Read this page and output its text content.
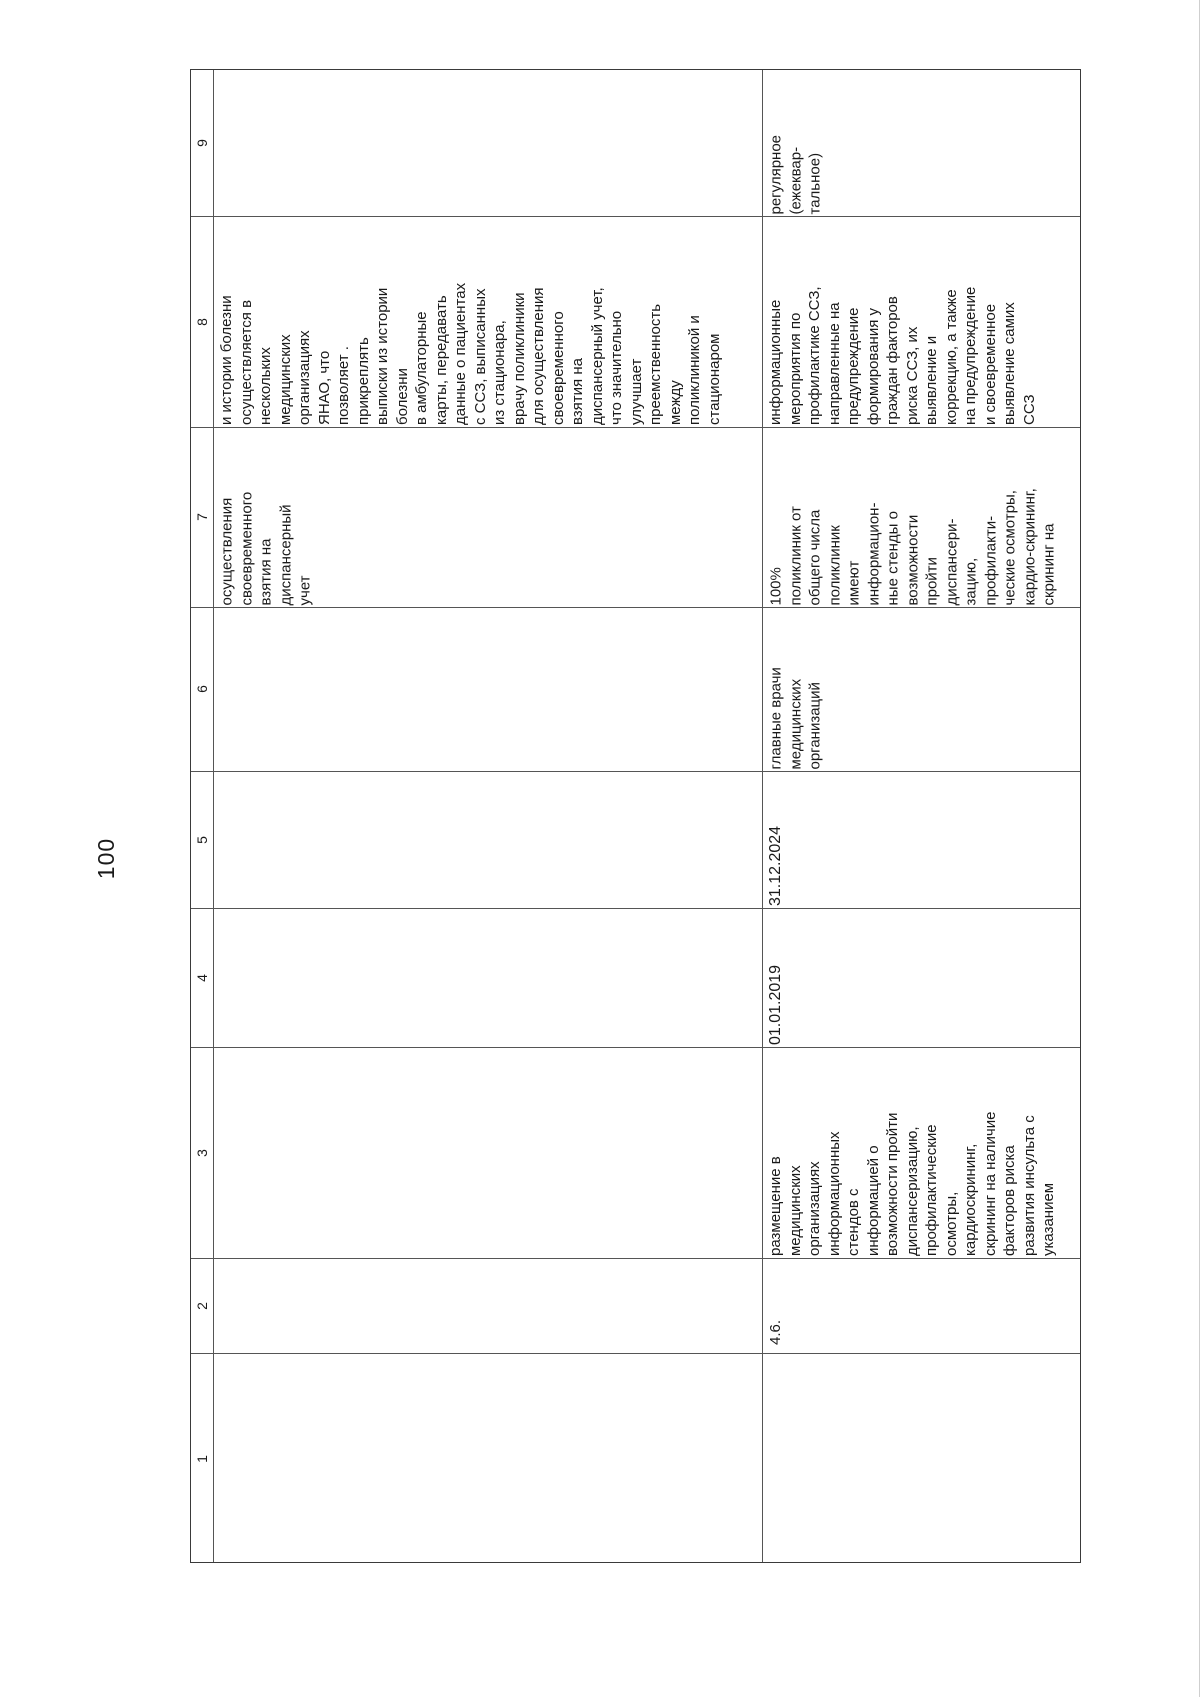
100
9
8
7
6
5
4
3
2
1
и истории болезни
осуществляется в
нескольких
медицинских
организациях
ЯНАО, что
позволяет .
прикреплять
выписки из истории
болезни
в амбулаторные
карты, передавать
данные о пациентах
с ССЗ, выписанных
из стационара,
врачу поликлиники
для осуществления
своевременного
взятия на
диспансерный учет,
что значительно
улучшает
преемственность
между
поликлиникой и
стационаром
осуществления
своевременного
взятия на
диспансерный
учет
регулярное
(ежеквар-
тальное)
информационные
мероприятия по
профилактике ССЗ,
направленные на
предупреждение
формирования у
граждан факторов
риска ССЗ, их
выявление и
коррекцию, а также
на предупреждение
и своевременное
выявление самих
ССЗ
100%
поликлиник от
общего числа
поликлиник
имеют
информацион-
ные стенды о
возможности
пройти
диспансери-
зацию,
профилакти-
ческие осмотры,
кардио-скрининг,
скрининг на
главные врачи
медицинских
организаций
31.12.2024
01.01.2019
размещение в
медицинских
организациях
информационных
стендов с
информацией о
возможности пройти
диспансеризацию,
профилактические
осмотры,
кардиоскрининг,
скрининг на наличие
факторов риска
развития инсульта с
указанием
4.6.
